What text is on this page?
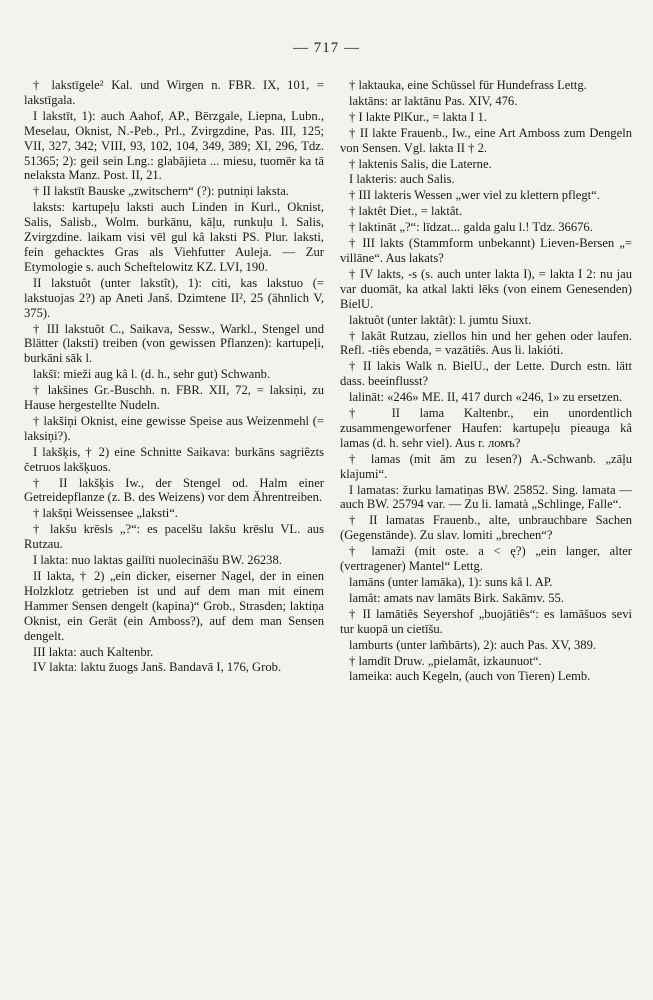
— 717 —

† lakstīgele² Kal. und Wirgen n. FBR. IX, 101, = lakstīgala.

I lakstīt, 1): auch Aahof, AP., Bērzgale, Liepna, Lubn., Meselau, Oknist, N.-Peb., Prl., Zvirgzdine, Pas. III, 125; VII, 327, 342; VIII, 93, 102, 104, 349, 389; XI, 296, Tdz. 51365; 2): geil sein Lng.: glabājieta ... miesu, tuomēr ka tā nelaksta Manz. Post. II, 21.

† II lakstīt Bauske „zwitschern“ (?): putniņi laksta.

laksts: kartupeļu laksti auch Linden in Kurl., Oknist, Salis, Salisb., Wolm. burkānu, kāļu, runkuļu l. Salis, Zvirgzdine. laikam visi vēl gul kâ laksti PS. Plur. laksti, fein gehacktes Gras als Viehfutter Auleja. — Zur Etymologie s. auch Scheftelowitz KZ. LVI, 190.

II lakstuôt (unter lakstît), 1): citi, kas lakstuo (= lakstuojas 2?) ap Aneti Janš. Dzimtene II², 25 (ähnlich V, 375).

† III lakstuôt C., Saikava, Sessw., Warkl., Stengel und Blätter (laksti) treiben (von gewissen Pflanzen): kartupeļi, burkāni sāk l.

lakšī: mieži aug kâ l. (d. h., sehr gut) Schwanb.

† lakšines Gr.-Buschh. n. FBR. XII, 72, = laksiņi, zu Hause hergestellte Nudeln.

† lakšiņi Oknist, eine gewisse Speise aus Weizenmehl (= laksiņi?).

I lakšķis, † 2) eine Schnitte Saikava: burkāns sagriêzts četruos lakšķuos.

† II lakšķis Iw., der Stengel od. Halm einer Getreidepflanze (z. B. des Weizens) vor dem Ährentreiben.

† lakšņi Weissensee „laksti“.

† lakšu krēsls „?“: es pacelšu lakšu krēslu VL. aus Rutzau.

I lakta: nuo laktas gailīti nuolecināšu BW. 26238.

II lakta, † 2) „ein dicker, eiserner Nagel, der in einen Holzklotz getrieben ist und auf dem man mit einem Hammer Sensen dengelt (kapina)“ Grob., Strasden; laktiņa Oknist, ein Gerät (ein Amboss?), auf dem man Sensen dengelt.

III lakta: auch Kaltenbr.

IV lakta: laktu žuogs Janš. Bandavā I, 176, Grob.

† laktauka, eine Schüssel für Hundefrass Lettg.

laktāns: ar laktānu Pas. XIV, 476.

† I lakte PlKur., = lakta I 1.

† II lakte Frauenb., Iw., eine Art Amboss zum Dengeln von Sensen. Vgl. lakta II † 2.

† laktenis Salis, die Laterne.

I lakteris: auch Salis.

† III lakteris Wessen „wer viel zu klettern pflegt“.

† laktêt Diet., = laktât.

† laktināt „?“: līdzat... galda galu l.! Tdz. 36676.

† III lakts (Stammform unbekannt) Lieven-Bersen „= villāne“. Aus lakats?

† IV lakts, -s (s. auch unter lakta I), = lakta I 2: nu jau var duomāt, ka atkal lakti lēks (von einem Genesenden) BielU.

laktuôt (unter laktât): l. jumtu Siuxt.

† lakât Rutzau, ziellos hin und her gehen oder laufen. Refl. -tiês ebenda, = vazātiês. Aus li. lakióti.

† II lakis Walk n. BielU., der Lette. Durch estn. lätt dass. beeinflusst?

lalināt: «246» ME. II, 417 durch «246, 1» zu ersetzen.

† II lama Kaltenbr., ein unordentlich zusammengeworfener Haufen: kartupeļu pieauga kâ lamas (d. h. sehr viel). Aus r. ломъ?

† lamas (mit ām zu lesen?) A.-Schwanb. „zāļu klajumi“.

I lamatas: žurku lamatiņas BW. 25852. Sing. lamata — auch BW. 25794 var. — Zu li. lamatà „Schlinge, Falle“.

† II lamatas Frauenb., alte, unbrauchbare Sachen (Gegenstände). Zu slav. lomiti „brechen“?

† lamaži (mit oste. a < ę?) „ein langer, alter (vertragener) Mantel“ Lettg.

lamāns (unter lamāka), 1): suns kâ l. AP.

lamât: amats nav lamāts Birk. Sakāmv. 55.

† II lamātiês Seyershof „buojātiês“: es lamāšuos sevi tur kuopā un cietīšu.

lamburts (unter lam̃bārts), 2): auch Pas. XV, 389.

† lamdīt Druw. „pielamât, izkaunuot“.

lameika: auch Kegeln, (auch von Tieren) Lemb.
